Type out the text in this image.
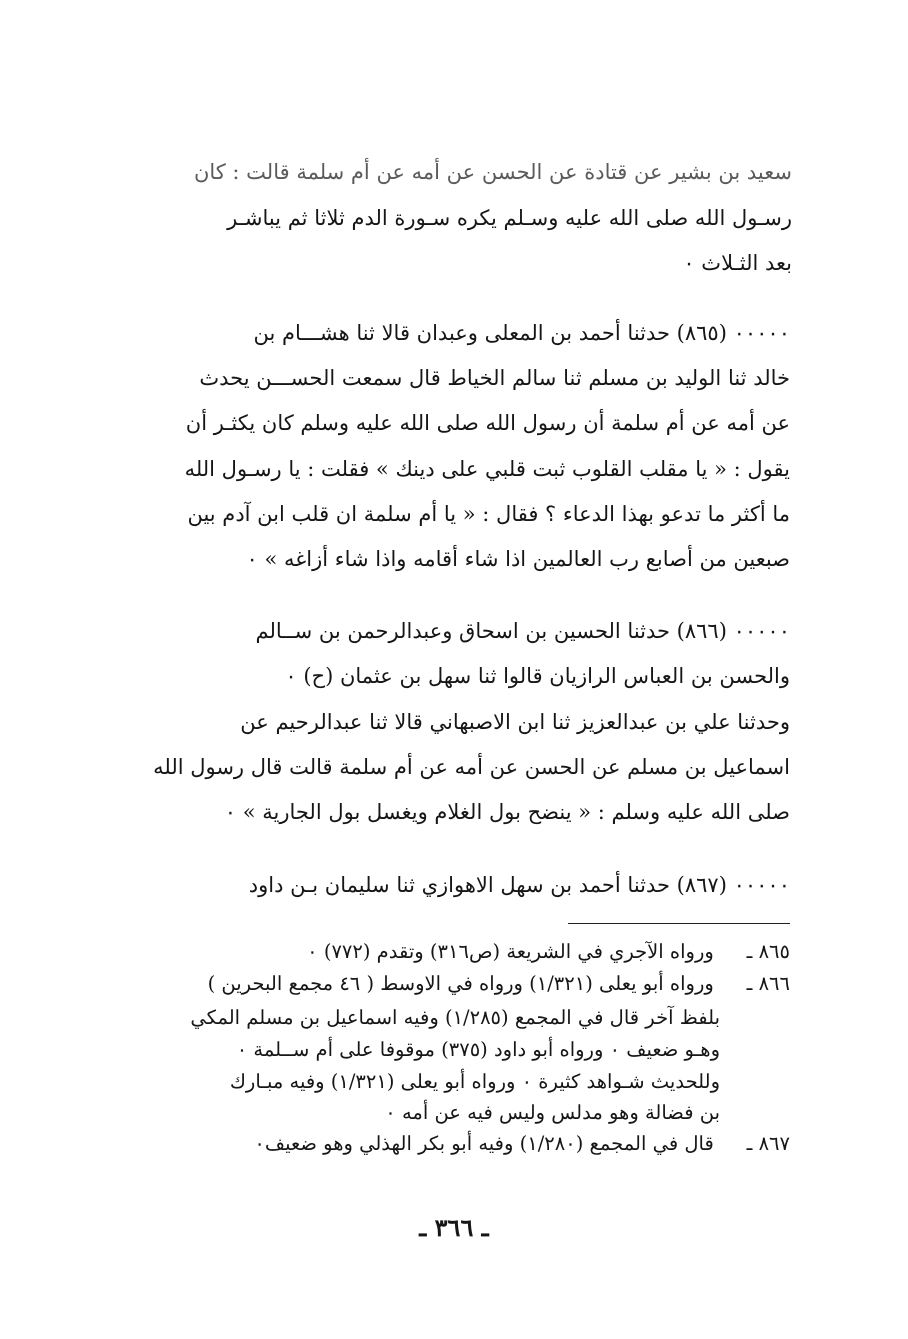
سعيد بن بشير عن قتادة عن الحسن عن أمه عن أم سلمة قالت : كان
رسـول الله صلى الله عليه وسـلم يكره سـورة الدم ثلاثا ثم يباشـر
بعد الثـلاث ٠
٠٠٠٠٠ (٨٦٥) حدثنا أحمد بن المعلى وعبدان قالا ثنا هشـــام بن
خالد ثنا الوليد بن مسلم ثنا سالم الخياط قال سمعت الحســـن يحدث
عن أمه عن أم سلمة أن رسول الله صلى الله عليه وسلم كان يكثـر أن
يقول : « يا مقلب القلوب ثبت قلبي على دينك » فقلت : يا رسـول الله
ما أكثر ما تدعو بهذا الدعاء ؟ فقال : « يا أم سلمة ان قلب ابن آدم بين
صبعين من أصابع رب العالمين اذا شاء أقامه واذا شاء أزاغه » ٠
٠٠٠٠٠ (٨٦٦) حدثنا الحسين بن اسحاق وعبدالرحمن بن ســالم
والحسن بن العباس الرازيان قالوا ثنا سهل بن عثمان (ح) ٠
وحدثنا علي بن عبدالعزيز ثنا ابن الاصبهاني قالا ثنا عبدالرحيم عن
اسماعيل بن مسلم عن الحسن عن أمه عن أم سلمة قالت قال رسول الله
صلى الله عليه وسلم : « ينضح بول الغلام ويغسل بول الجارية » ٠
٠٠٠٠٠ (٨٦٧) حدثنا أحمد بن سهل الاهوازي ثنا سليمان بـن داود
٨٦٥ ـ ورواه الآجري في الشريعة (ص٣١٦) وتقدم (٧٧٢) ٠
٨٦٦ ـ ورواه أبو يعلى (١/٣٢١) ورواه في الاوسط ( ٤٦ مجمع البحرين )
بلفظ آخر قال في المجمع (١/٢٨٥) وفيه اسماعيل بن مسلم المكي
وهـو ضعيف ٠ ورواه أبو داود (٣٧٥) موقوفا على أم ســلمة ٠
وللحديث شـواهد كثيرة ٠ ورواه أبو يعلى (١/٣٢١) وفيه مبـارك
بن فضالة وهو مدلس وليس فيه عن أمه ٠
٨٦٧ ـ قال في المجمع (١/٢٨٠) وفيه أبو بكر الهذلي وهو ضعيف٠
ـ ٣٦٦ ـ
